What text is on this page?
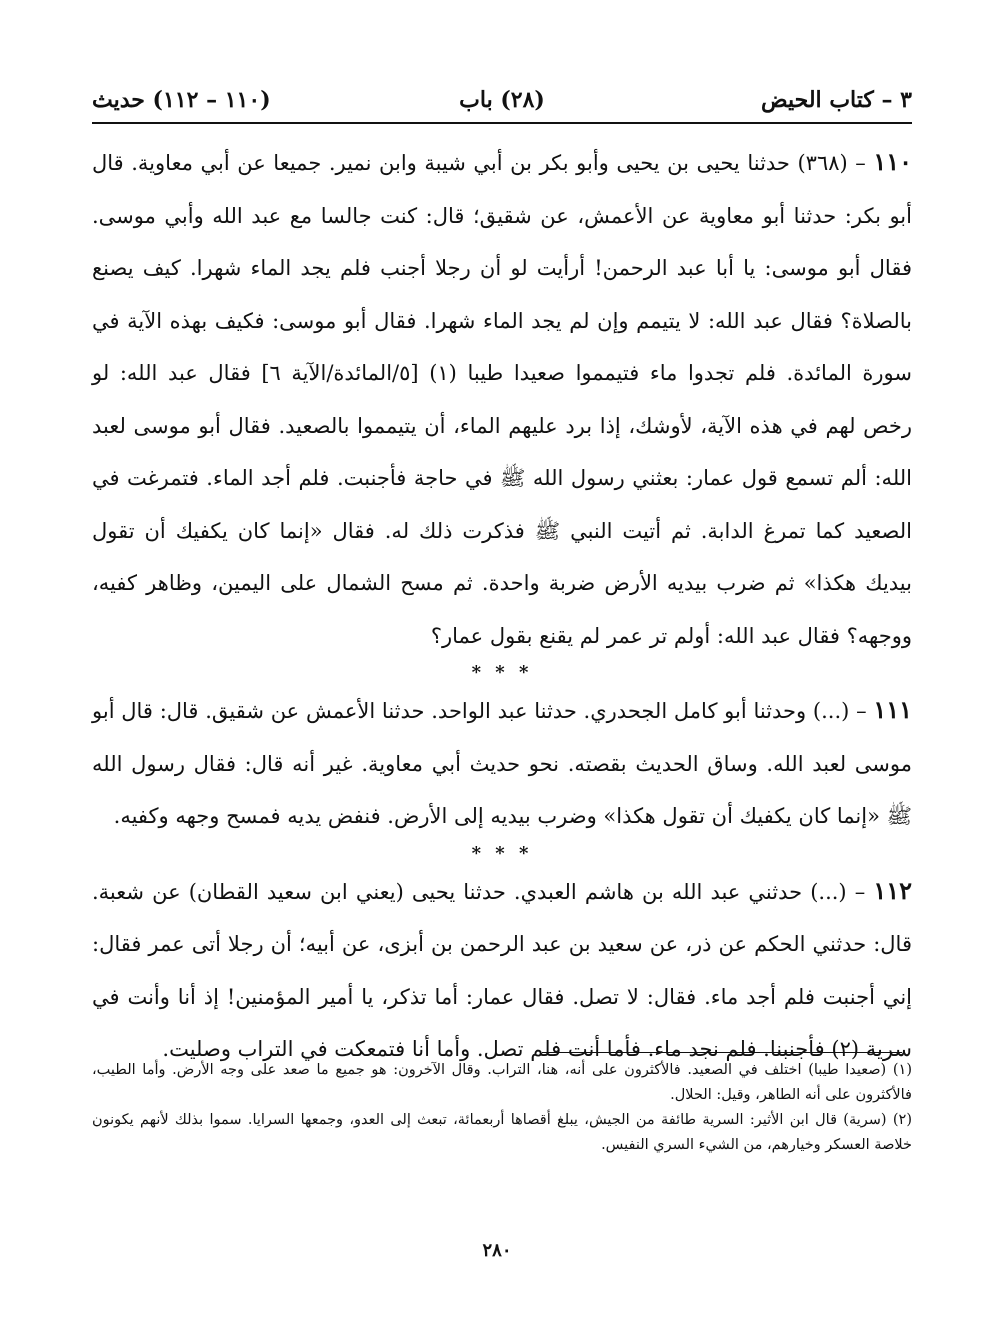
٣ – كتاب الحيض
(٢٨) باب
(١١٠ – ١١٢) حديث

١١٠ – (٣٦٨) حدثنا يحيى بن يحيى وأبو بكر بن أبي شيبة وابن نمير. جميعا عن أبي معاوية. قال أبو بكر: حدثنا أبو معاوية عن الأعمش، عن شقيق؛ قال: كنت جالسا مع عبد الله وأبي موسى. فقال أبو موسى: يا أبا عبد الرحمن! أرأيت لو أن رجلا أجنب فلم يجد الماء شهرا. كيف يصنع بالصلاة؟ فقال عبد الله: لا يتيمم وإن لم يجد الماء شهرا. فقال أبو موسى: فكيف بهذه الآية في سورة المائدة. فلم تجدوا ماء فتيمموا صعيدا طيبا (١) [٥/المائدة/الآية ٦] فقال عبد الله: لو رخص لهم في هذه الآية، لأوشك، إذا برد عليهم الماء، أن يتيمموا بالصعيد. فقال أبو موسى لعبد الله: ألم تسمع قول عمار: بعثني رسول الله ﷺ في حاجة فأجنبت. فلم أجد الماء. فتمرغت في الصعيد كما تمرغ الدابة. ثم أتيت النبي ﷺ فذكرت ذلك له. فقال «إنما كان يكفيك أن تقول بيديك هكذا» ثم ضرب بيديه الأرض ضربة واحدة. ثم مسح الشمال على اليمين، وظاهر كفيه، ووجهه؟ فقال عبد الله: أولم تر عمر لم يقنع بقول عمار؟

* * *

١١١ – (...) وحدثنا أبو كامل الجحدري. حدثنا عبد الواحد. حدثنا الأعمش عن شقيق. قال: قال أبو موسى لعبد الله. وساق الحديث بقصته. نحو حديث أبي معاوية. غير أنه قال: فقال رسول الله ﷺ «إنما كان يكفيك أن تقول هكذا» وضرب بيديه إلى الأرض. فنفض يديه فمسح وجهه وكفيه.

* * *

١١٢ – (...) حدثني عبد الله بن هاشم العبدي. حدثنا يحيى (يعني ابن سعيد القطان) عن شعبة. قال: حدثني الحكم عن ذر، عن سعيد بن عبد الرحمن بن أبزى، عن أبيه؛ أن رجلا أتى عمر فقال: إني أجنبت فلم أجد ماء. فقال: لا تصل. فقال عمار: أما تذكر، يا أمير المؤمنين! إذ أنا وأنت في سرية (٢) فأجنبنا. فلم نجد ماء. فأما أنت فلم تصل. وأما أنا فتمعكت في التراب وصليت.

(١) (صعيدا طيبا) اختلف في الصعيد. فالأكثرون على أنه، هنا، التراب. وقال الآخرون: هو جميع ما صعد على وجه الأرض. وأما الطيب، فالأكثرون على أنه الطاهر، وقيل: الحلال.

(٢) (سرية) قال ابن الأثير: السرية طائفة من الجيش، يبلغ أقصاها أربعمائة، تبعث إلى العدو، وجمعها السرايا. سموا بذلك لأنهم يكونون خلاصة العسكر وخيارهم، من الشيء السري النفيس.

٢٨٠
